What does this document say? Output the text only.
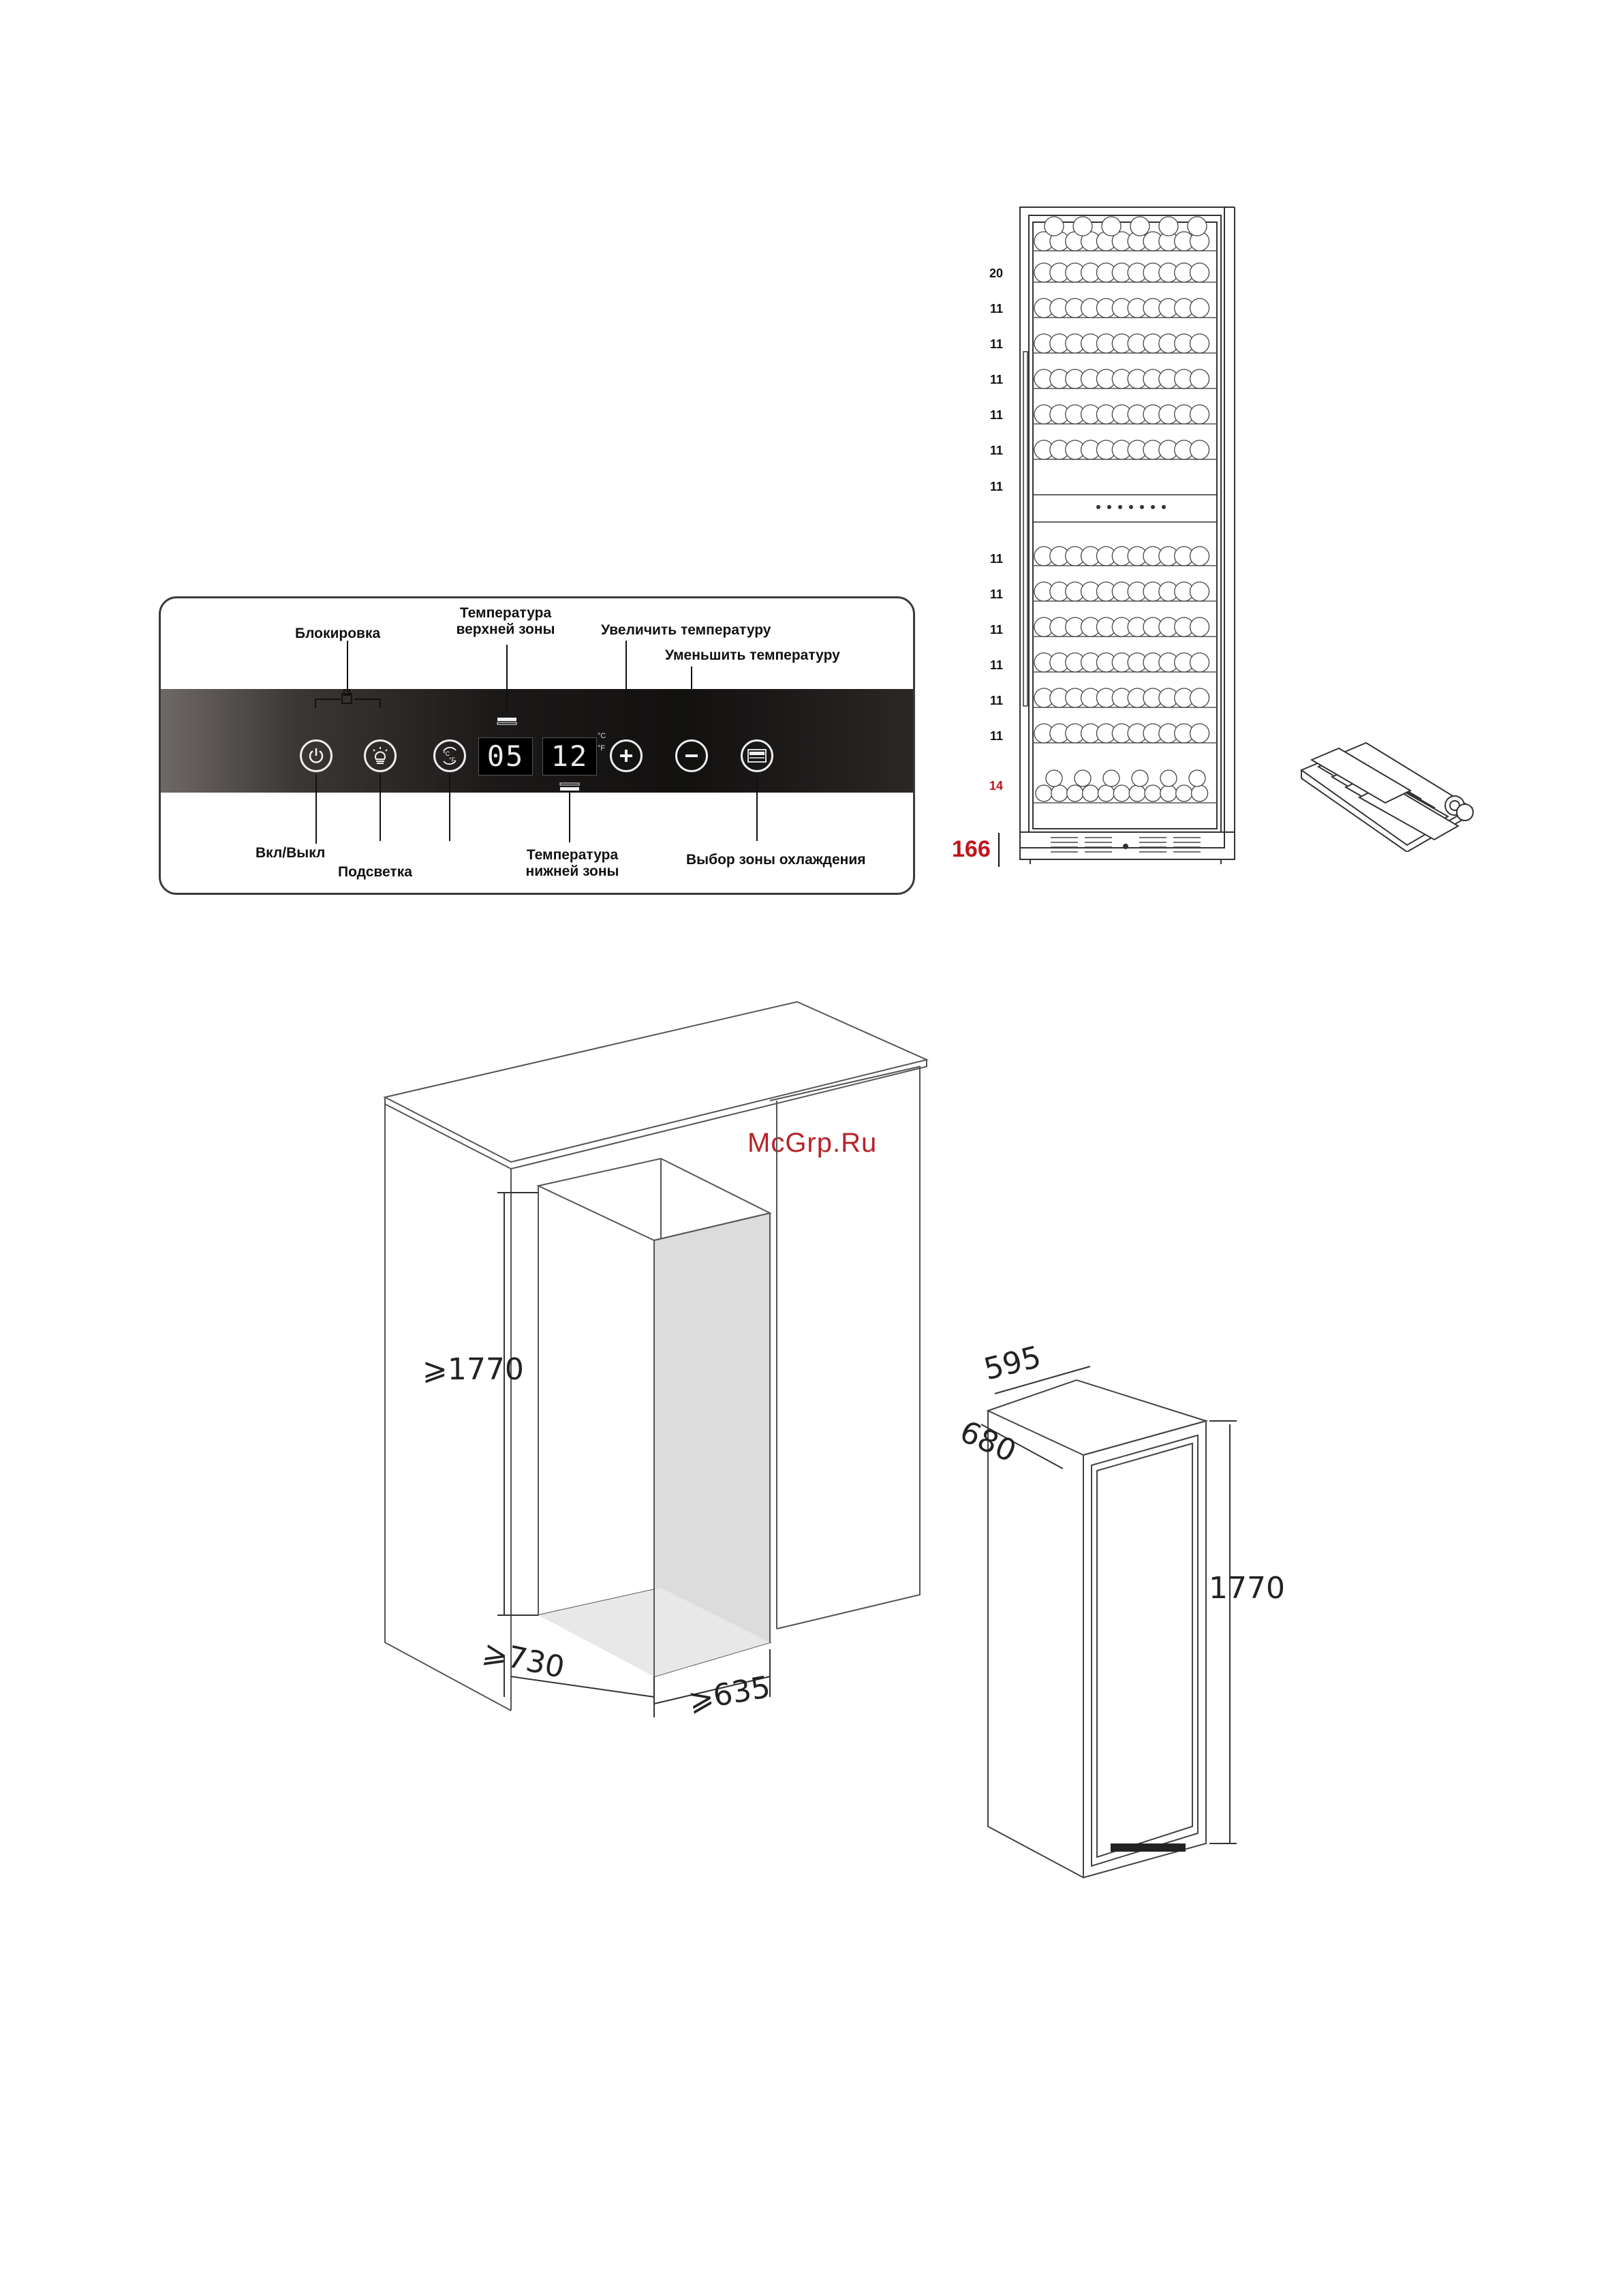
Блокировка
Температура верхней зоны	Увеличить температуру
Уменьшить температуру
Вкл/Выкл
Подсветка
Температура нижней зоны
Выбор зоны охлаждения
°C
°F	05 12
°C
°F
20
11
11
11
11
11
11
11
11
11
11
11
11
14
166
McGrp.Ru
⩾1770
⩾730
⩾635
595
680
1770
